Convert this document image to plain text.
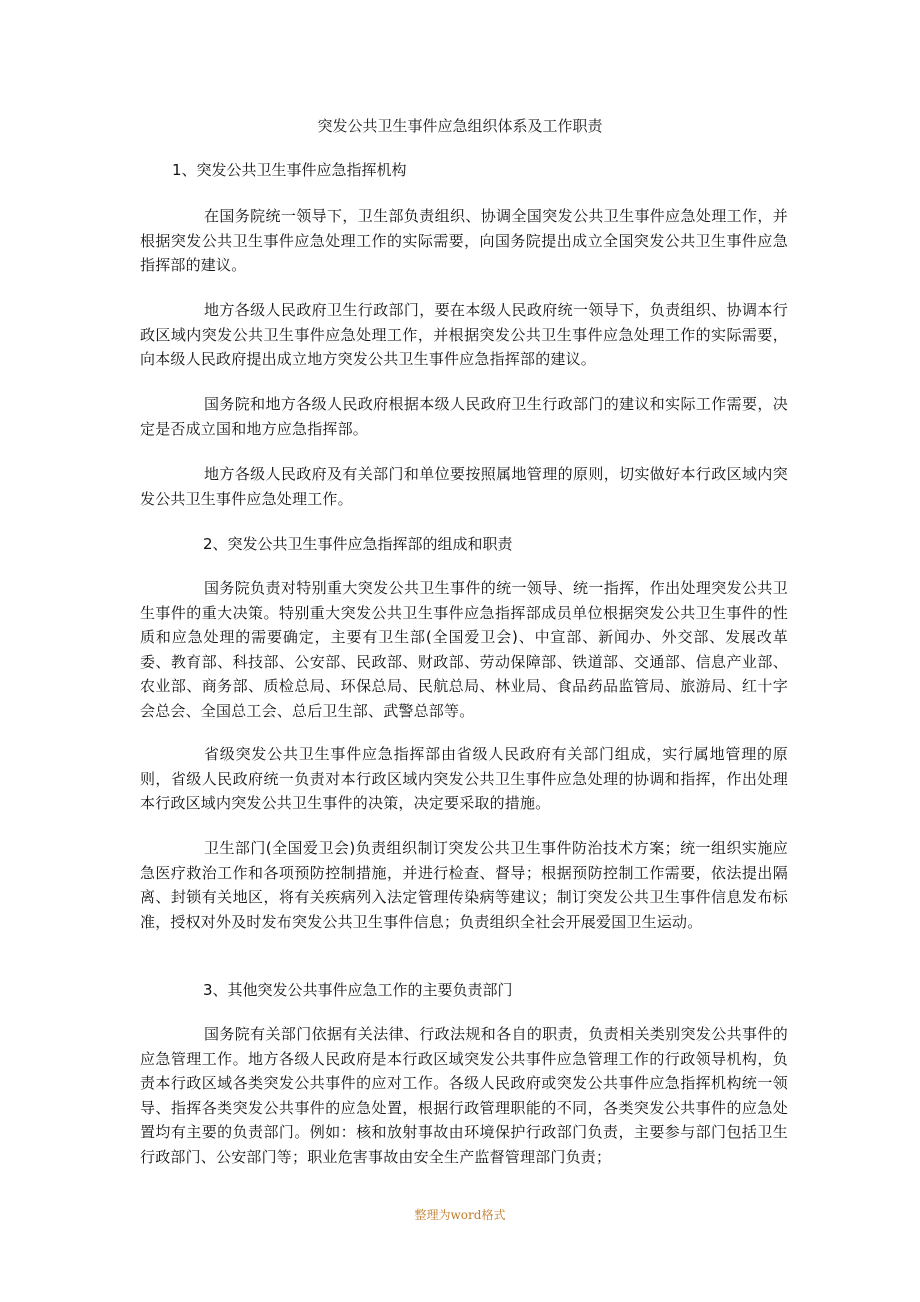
突发公共卫生事件应急组织体系及工作职责
1、突发公共卫生事件应急指挥机构
在国务院统一领导下，卫生部负责组织、协调全国突发公共卫生事件应急处理工作，并根据突发公共卫生事件应急处理工作的实际需要，向国务院提出成立全国突发公共卫生事件应急指挥部的建议。
地方各级人民政府卫生行政部门，要在本级人民政府统一领导下，负责组织、协调本行政区域内突发公共卫生事件应急处理工作，并根据突发公共卫生事件应急处理工作的实际需要，向本级人民政府提出成立地方突发公共卫生事件应急指挥部的建议。
国务院和地方各级人民政府根据本级人民政府卫生行政部门的建议和实际工作需要，决定是否成立国和地方应急指挥部。
地方各级人民政府及有关部门和单位要按照属地管理的原则，切实做好本行政区域内突发公共卫生事件应急处理工作。
2、突发公共卫生事件应急指挥部的组成和职责
国务院负责对特别重大突发公共卫生事件的统一领导、统一指挥，作出处理突发公共卫生事件的重大决策。特别重大突发公共卫生事件应急指挥部成员单位根据突发公共卫生事件的性质和应急处理的需要确定，主要有卫生部(全国爱卫会)、中宣部、新闻办、外交部、发展改革委、教育部、科技部、公安部、民政部、财政部、劳动保障部、铁道部、交通部、信息产业部、农业部、商务部、质检总局、环保总局、民航总局、林业局、食品药品监管局、旅游局、红十字会总会、全国总工会、总后卫生部、武警总部等。
省级突发公共卫生事件应急指挥部由省级人民政府有关部门组成，实行属地管理的原则，省级人民政府统一负责对本行政区域内突发公共卫生事件应急处理的协调和指挥，作出处理本行政区域内突发公共卫生事件的决策，决定要采取的措施。
卫生部门(全国爱卫会)负责组织制订突发公共卫生事件防治技术方案；统一组织实施应急医疗救治工作和各项预防控制措施，并进行检查、督导；根据预防控制工作需要，依法提出隔离、封锁有关地区，将有关疾病列入法定管理传染病等建议；制订突发公共卫生事件信息发布标准，授权对外及时发布突发公共卫生事件信息；负责组织全社会开展爱国卫生运动。
3、其他突发公共事件应急工作的主要负责部门
国务院有关部门依据有关法律、行政法规和各自的职责，负责相关类别突发公共事件的应急管理工作。地方各级人民政府是本行政区域突发公共事件应急管理工作的行政领导机构，负责本行政区域各类突发公共事件的应对工作。各级人民政府或突发公共事件应急指挥机构统一领导、指挥各类突发公共事件的应急处置，根据行政管理职能的不同，各类突发公共事件的应急处置均有主要的负责部门。例如：核和放射事故由环境保护行政部门负责，主要参与部门包括卫生行政部门、公安部门等；职业危害事故由安全生产监督管理部门负责；
整理为word格式
